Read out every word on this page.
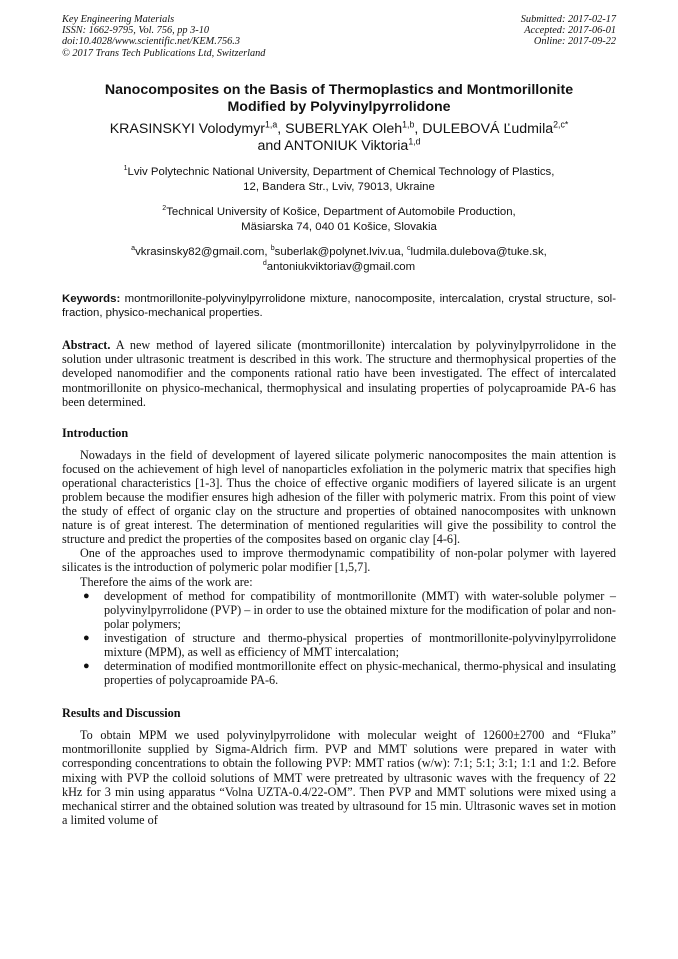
Key Engineering Materials
ISSN: 1662-9795, Vol. 756, pp 3-10
doi:10.4028/www.scientific.net/KEM.756.3
© 2017 Trans Tech Publications Ltd, Switzerland
Submitted: 2017-02-17
Accepted: 2017-06-01
Online: 2017-09-22
Nanocomposites on the Basis of Thermoplastics and Montmorillonite
Modified by Polyvinylpyrrolidone
KRASINSKYI Volodymyr$^{1,a}$, SUBERLYAK Oleh$^{1,b}$, DULEBOVÁ Ľudmila$^{2,c*}$
and ANTONIUK Viktoria$^{1,d}$
$^1$Lviv Polytechnic National University, Department of Chemical Technology of Plastics,
12, Bandera Str., Lviv, 79013, Ukraine
$^2$Technical University of Košice, Department of Automobile Production,
Mäsiarska 74, 040 01 Košice, Slovakia
$^a$vkrasinsky82@gmail.com, $^b$suberlak@polynet.lviv.ua, $^c$ludmila.dulebova@tuke.sk,
$^d$antoniukviktoriav@gmail.com

Keywords: montmorillonite-polyvinylpyrrolidone mixture, nanocomposite, intercalation, crystal structure, sol-fraction, physico-mechanical properties.

Abstract. A new method of layered silicate (montmorillonite) intercalation by polyvinylpyrrolidone in the solution under ultrasonic treatment is described in this work. The structure and thermophysical properties of the developed nanomodifier and the components rational ratio have been investigated. The effect of intercalated montmorillonite on physico-mechanical, thermophysical and insulating properties of polycaproamide PA-6 has been determined.

Introduction

Nowadays in the field of development of layered silicate polymeric nanocomposites the main attention is focused on the achievement of high level of nanoparticles exfoliation in the polymeric matrix that specifies high operational characteristics [1-3]. Thus the choice of effective organic modifiers of layered silicate is an urgent problem because the modifier ensures high adhesion of the filler with polymeric matrix. From this point of view the study of effect of organic clay on the structure and properties of obtained nanocomposites with unknown nature is of great interest. The determination of mentioned regularities will give the possibility to control the structure and predict the properties of the composites based on organic clay [4-6].

One of the approaches used to improve thermodynamic compatibility of non-polar polymer with layered silicates is the introduction of polymeric polar modifier [1,5,7].

Therefore the aims of the work are:

● development of method for compatibility of montmorillonite (MMT) with water-soluble polymer – polyvinylpyrrolidone (PVP) – in order to use the obtained mixture for the modification of polar and non-polar polymers;
● investigation of structure and thermo-physical properties of montmorillonite-polyvinylpyrrolidone mixture (MPM), as well as efficiency of MMT intercalation;
● determination of modified montmorillonite effect on physic-mechanical, thermo-physical and insulating properties of polycaproamide PA-6.
Results and Discussion

To obtain MPM we used polyvinylpyrrolidone with molecular weight of 12600±2700 and “Fluka” montmorillonite supplied by Sigma-Aldrich firm. PVP and MMT solutions were prepared in water with corresponding concentrations to obtain the following PVP: MMT ratios (w/w): 7:1; 5:1; 3:1; 1:1 and 1:2. Before mixing with PVP the colloid solutions of MMT were pretreated by ultrasonic waves with the frequency of 22 kHz for 3 min using apparatus “Volna UZTA-0.4/22-OM”. Then PVP and MMT solutions were mixed using a mechanical stirrer and the obtained solution was treated by ultrasound for 15 min. Ultrasonic waves set in motion a limited volume of
